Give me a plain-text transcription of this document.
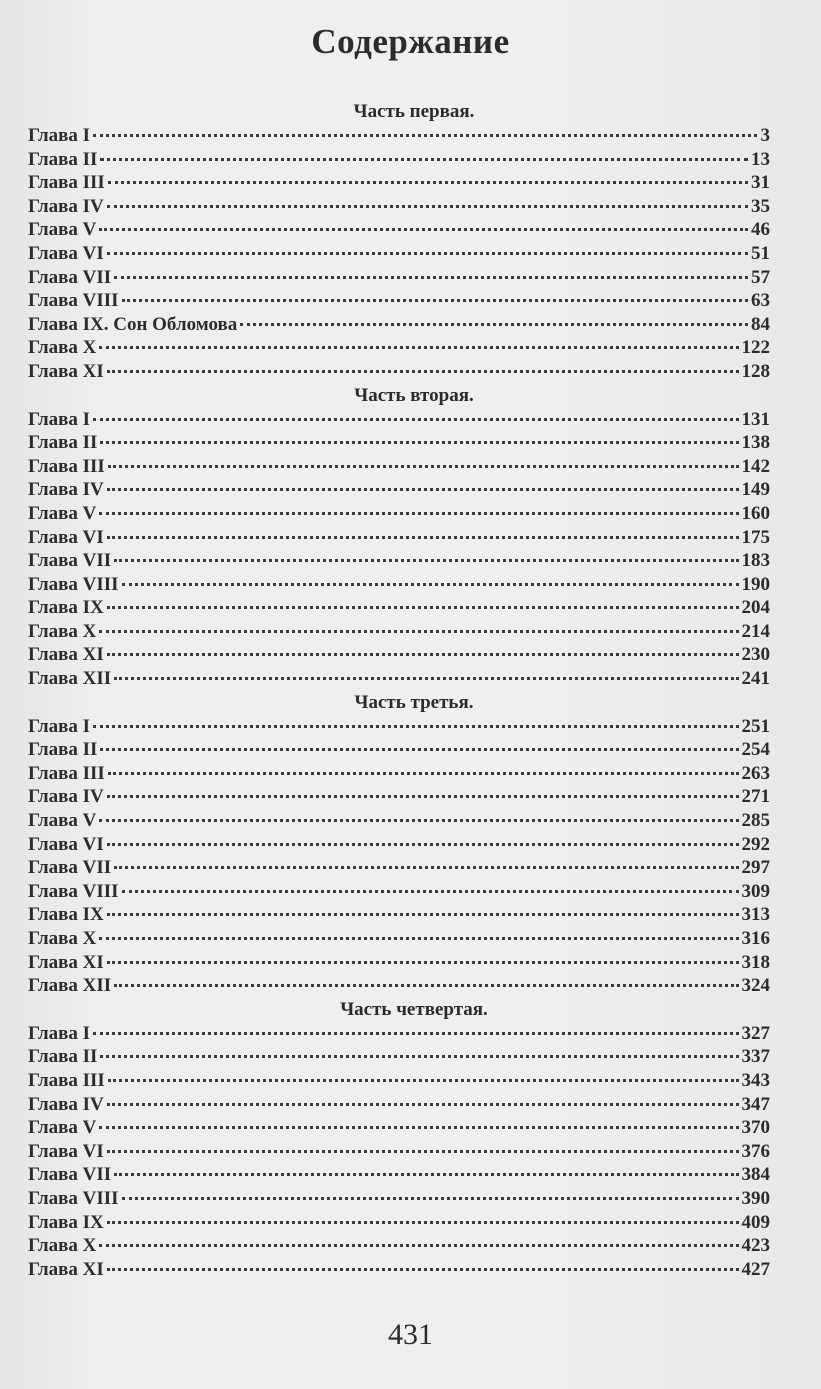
Содержание
Часть первая.
Глава I	3
Глава II	13
Глава III	31
Глава IV	35
Глава V	46
Глава VI	51
Глава VII	57
Глава VIII	63
Глава IX. Сон Обломова	84
Глава X	122
Глава XI	128
Часть вторая.
Глава I	131
Глава II	138
Глава III	142
Глава IV	149
Глава V	160
Глава VI	175
Глава VII	183
Глава VIII	190
Глава IX	204
Глава X	214
Глава XI	230
Глава XII	241
Часть третья.
Глава I	251
Глава II	254
Глава III	263
Глава IV	271
Глава V	285
Глава VI	292
Глава VII	297
Глава VIII	309
Глава IX	313
Глава X	316
Глава XI	318
Глава XII	324
Часть четвертая.
Глава I	327
Глава II	337
Глава III	343
Глава IV	347
Глава V	370
Глава VI	376
Глава VII	384
Глава VIII	390
Глава IX	409
Глава X	423
Глава XI	427
431
